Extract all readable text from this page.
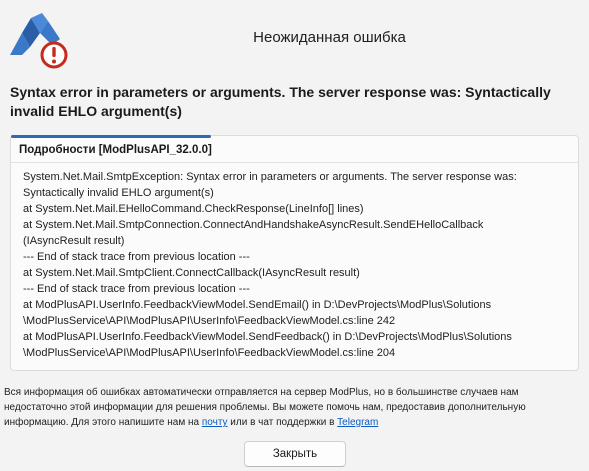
Неожиданная ошибка
Syntax error in parameters or arguments. The server response was: Syntactically invalid EHLO argument(s)
Подробности [ModPlusAPI_32.0.0]
System.Net.Mail.SmtpException: Syntax error in parameters or arguments. The server response was:
Syntactically invalid EHLO argument(s)
at System.Net.Mail.EHelloCommand.CheckResponse(LineInfo[] lines)
at System.Net.Mail.SmtpConnection.ConnectAndHandshakeAsyncResult.SendEHelloCallback
(IAsyncResult result)
--- End of stack trace from previous location ---
at System.Net.Mail.SmtpClient.ConnectCallback(IAsyncResult result)
--- End of stack trace from previous location ---
at ModPlusAPI.UserInfo.FeedbackViewModel.SendEmail() in D:\DevProjects\ModPlus\Solutions
\ModPlusService\API\ModPlusAPI\UserInfo\FeedbackViewModel.cs:line 242
at ModPlusAPI.UserInfo.FeedbackViewModel.SendFeedback() in D:\DevProjects\ModPlus\Solutions
\ModPlusService\API\ModPlusAPI\UserInfo\FeedbackViewModel.cs:line 204
Вся информация об ошибках автоматически отправляется на сервер ModPlus, но в большинстве случаев нам
недостаточно этой информации для решения проблемы. Вы можете помочь нам, предоставив дополнительную
информацию. Для этого напишите нам на почту или в чат поддержки в Telegram
Закрыть
